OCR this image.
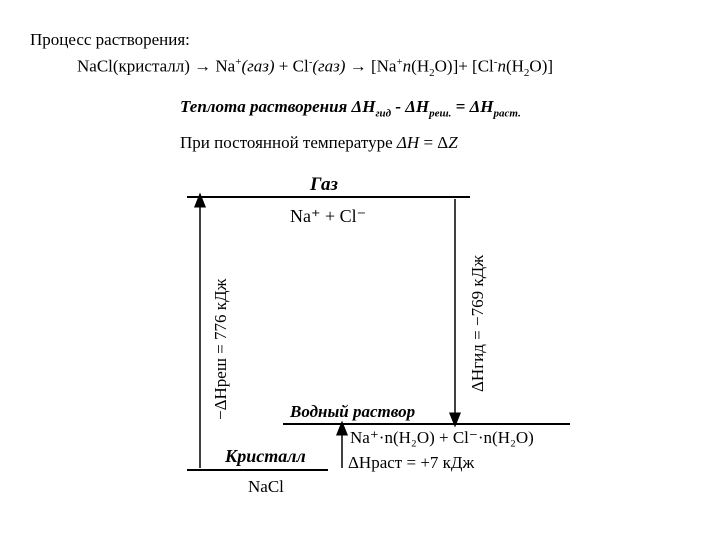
Процесс растворения:
NaCl(кристалл) → $Na^+(газ) + Cl^-(газ) \to [Na^+n(H_2O)]+ [Cl^-n(H_2O)]$
Теплота растворения $\Delta H_{гид} - \Delta H_{реш.} = \Delta H_{раст.}$
При постоянной температуре ΔH = ΔZ
Газ
Na⁺ + Cl⁻
Водный раствор
Na⁺·n(H₂O) + Cl⁻·n(H₂O)
Кристалл
NaCl
ΔHраст = +7 кДж
−ΔHреш = 776 кДж	ΔHгид = −769 кДж
